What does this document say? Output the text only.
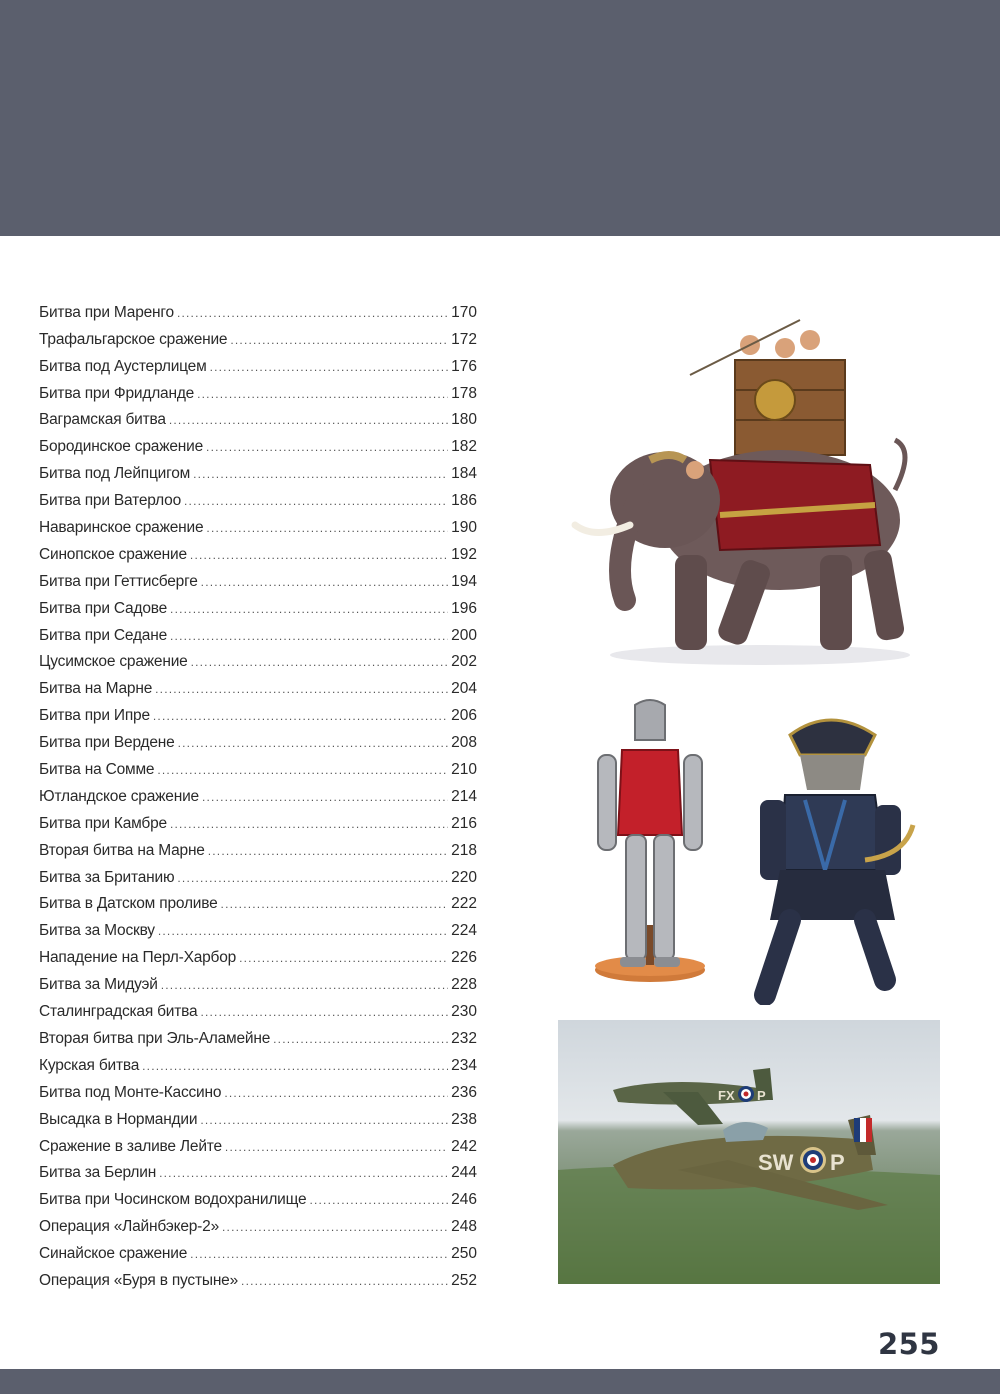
Битва при Маренго .....	170
Трафальгарское сражение .....	172
Битва под Аустерлицем .....	176
Битва при Фридланде .....	178
Ваграмская битва .....	180
Бородинское сражение .....	182
Битва под Лейпцигом .....	184
Битва при Ватерлоо .....	186
Наваринское сражение .....	190
Синопское сражение .....	192
Битва при Геттисберге .....	194
Битва при Садове .....	196
Битва при Седане .....	200
Цусимское сражение .....	202
Битва на Марне .....	204
Битва при Ипре .....	206
Битва при Вердене .....	208
Битва на Сомме .....	210
Ютландское сражение .....	214
Битва при Камбре .....	216
Вторая битва на Марне .....	218
Битва за Британию .....	220
Битва в Датском проливе .....	222
Битва за Москву .....	224
Нападение на Перл-Харбор .....	226
Битва за Мидуэй .....	228
Сталинградская битва .....	230
Вторая битва при Эль-Аламейне .....	232
Курская битва .....	234
Битва под Монте-Кассино .....	236
Высадка в Нормандии .....	238
Сражение в заливе Лейте .....	242
Битва за Берлин .....	244
Битва при Чосинском водохранилище .....	246
Операция «Лайнбэкер-2» .....	248
Синайское сражение .....	250
Операция «Буря в пустыне» .....	252
FX P
SW P
255
